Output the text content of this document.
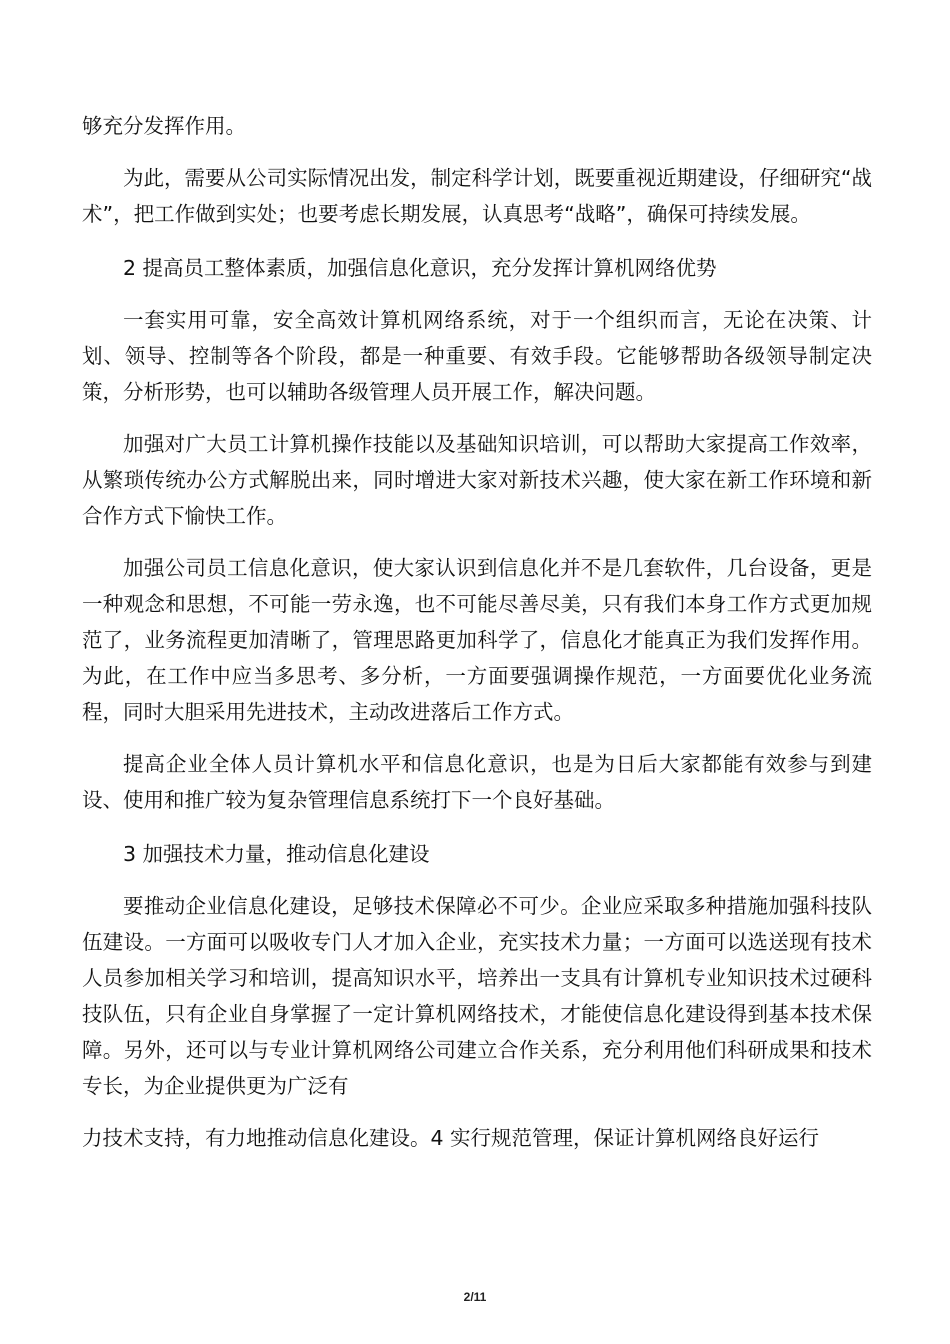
够充分发挥作用。

为此，需要从公司实际情况出发，制定科学计划，既要重视近期建设，仔细研究“战术”，把工作做到实处；也要考虑长期发展，认真思考“战略”，确保可持续发展。

2 提高员工整体素质，加强信息化意识，充分发挥计算机网络优势

一套实用可靠，安全高效计算机网络系统，对于一个组织而言，无论在决策、计划、领导、控制等各个阶段，都是一种重要、有效手段。它能够帮助各级领导制定决策，分析形势，也可以辅助各级管理人员开展工作，解决问题。

加强对广大员工计算机操作技能以及基础知识培训，可以帮助大家提高工作效率，从繁琐传统办公方式解脱出来，同时增进大家对新技术兴趣，使大家在新工作环境和新合作方式下愉快工作。

加强公司员工信息化意识，使大家认识到信息化并不是几套软件，几台设备，更是一种观念和思想，不可能一劳永逸，也不可能尽善尽美，只有我们本身工作方式更加规范了，业务流程更加清晰了，管理思路更加科学了，信息化才能真正为我们发挥作用。为此，在工作中应当多思考、多分析，一方面要强调操作规范，一方面要优化业务流程，同时大胆采用先进技术，主动改进落后工作方式。

提高企业全体人员计算机水平和信息化意识，也是为日后大家都能有效参与到建设、使用和推广较为复杂管理信息系统打下一个良好基础。

3 加强技术力量，推动信息化建设

要推动企业信息化建设，足够技术保障必不可少。企业应采取多种措施加强科技队伍建设。一方面可以吸收专门人才加入企业，充实技术力量；一方面可以选送现有技术人员参加相关学习和培训，提高知识水平，培养出一支具有计算机专业知识技术过硬科技队伍，只有企业自身掌握了一定计算机网络技术，才能使信息化建设得到基本技术保障。另外，还可以与专业计算机网络公司建立合作关系，充分利用他们科研成果和技术专长，为企业提供更为广泛有

力技术支持，有力地推动信息化建设。4 实行规范管理，保证计算机网络良好运行

2/11
